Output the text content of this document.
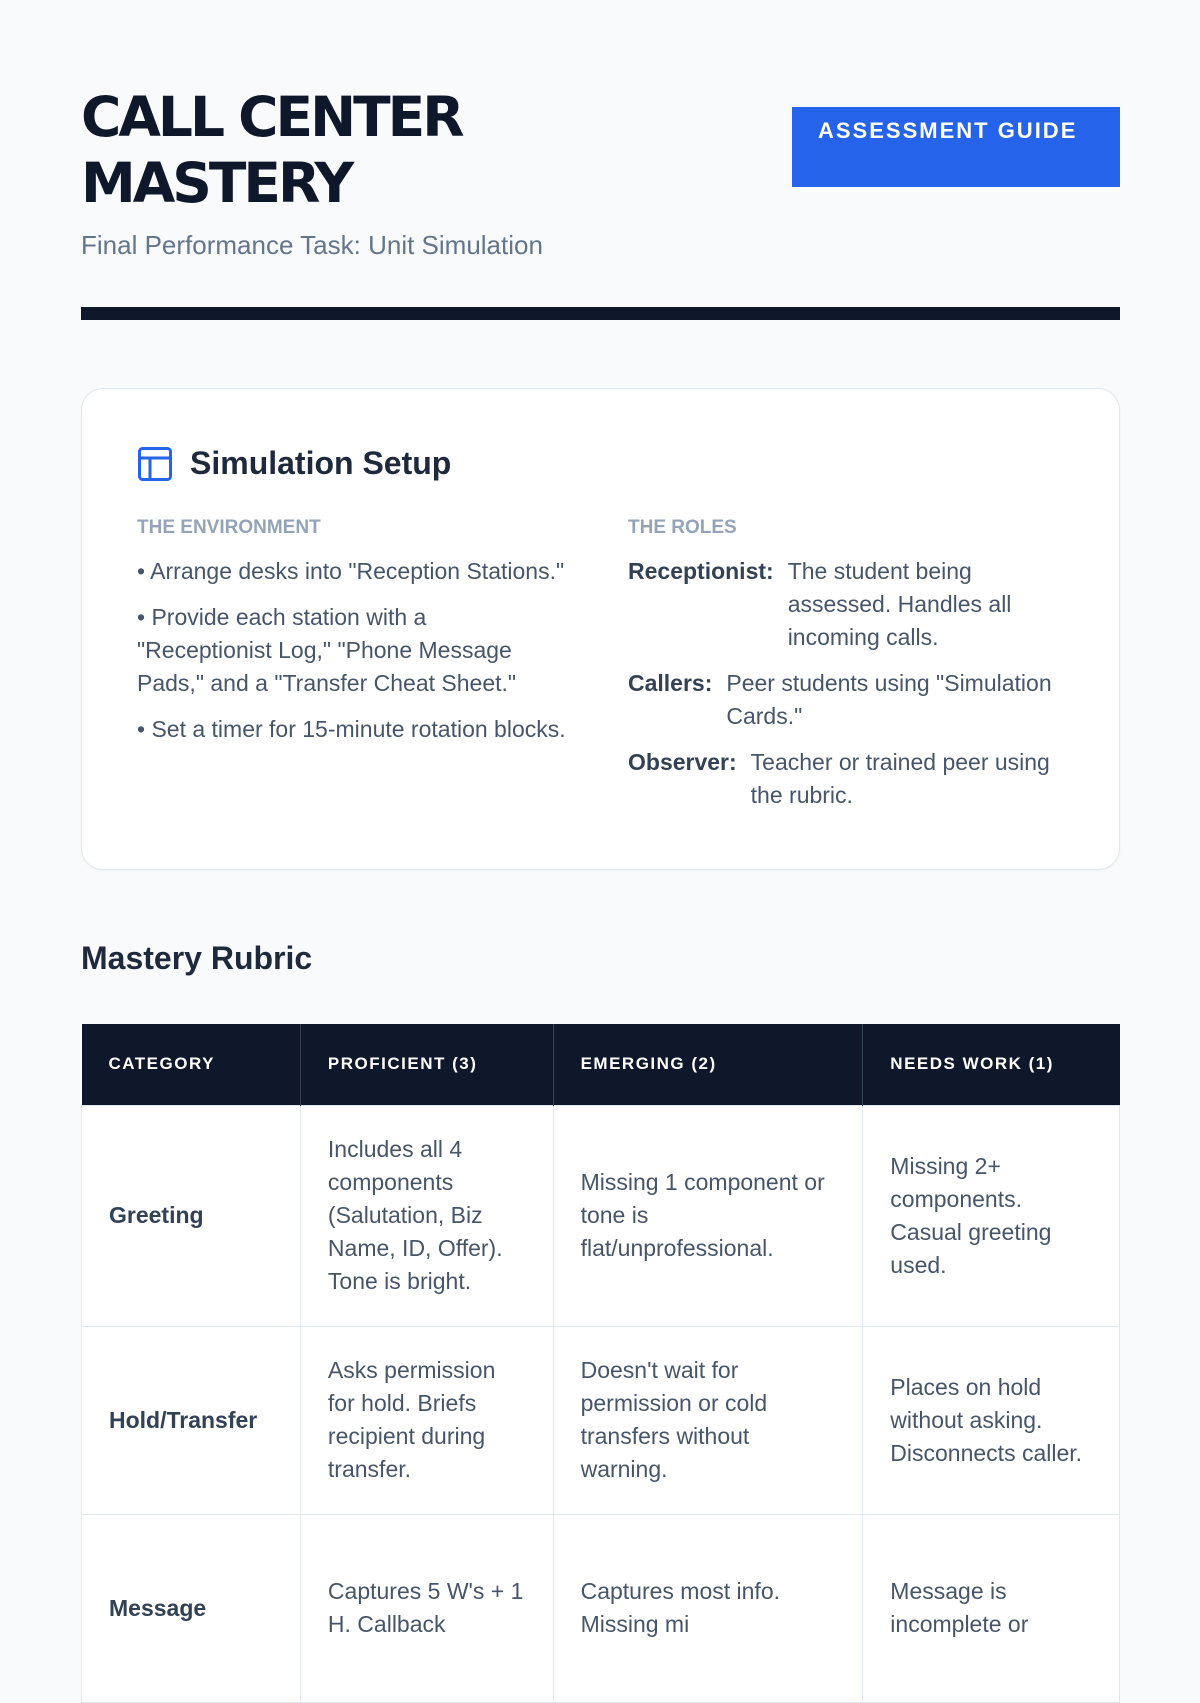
CALL CENTER MASTERY
Final Performance Task: Unit Simulation
ASSESSMENT GUIDE
Simulation Setup
THE ENVIRONMENT

• Arrange desks into "Reception Stations."

• Provide each station with a "Receptionist Log," "Phone Message Pads," and a "Transfer Cheat Sheet."

• Set a timer for 15-minute rotation blocks.

THE ROLES
Receptionist: The student being assessed. Handles all incoming calls.
Callers: Peer students using "Simulation Cards."
Observer: Teacher or trained peer using the rubric.
Mastery Rubric
CATEGORY	PROFICIENT (3)	EMERGING (2)	NEEDS WORK (1)
Greeting	Includes all 4 components (Salutation, Biz Name, ID, Offer). Tone is bright.	Missing 1 component or tone is flat/unprofessional.	Missing 2+ components. Casual greeting used.
Hold/Transfer	Asks permission for hold. Briefs recipient during transfer.	Doesn't wait for permission or cold transfers without warning.	Places on hold without asking. Disconnects caller.
Message	Captures 5 W's + 1 H. Callback	Captures most info. Missing mi	Message is incomplete or
